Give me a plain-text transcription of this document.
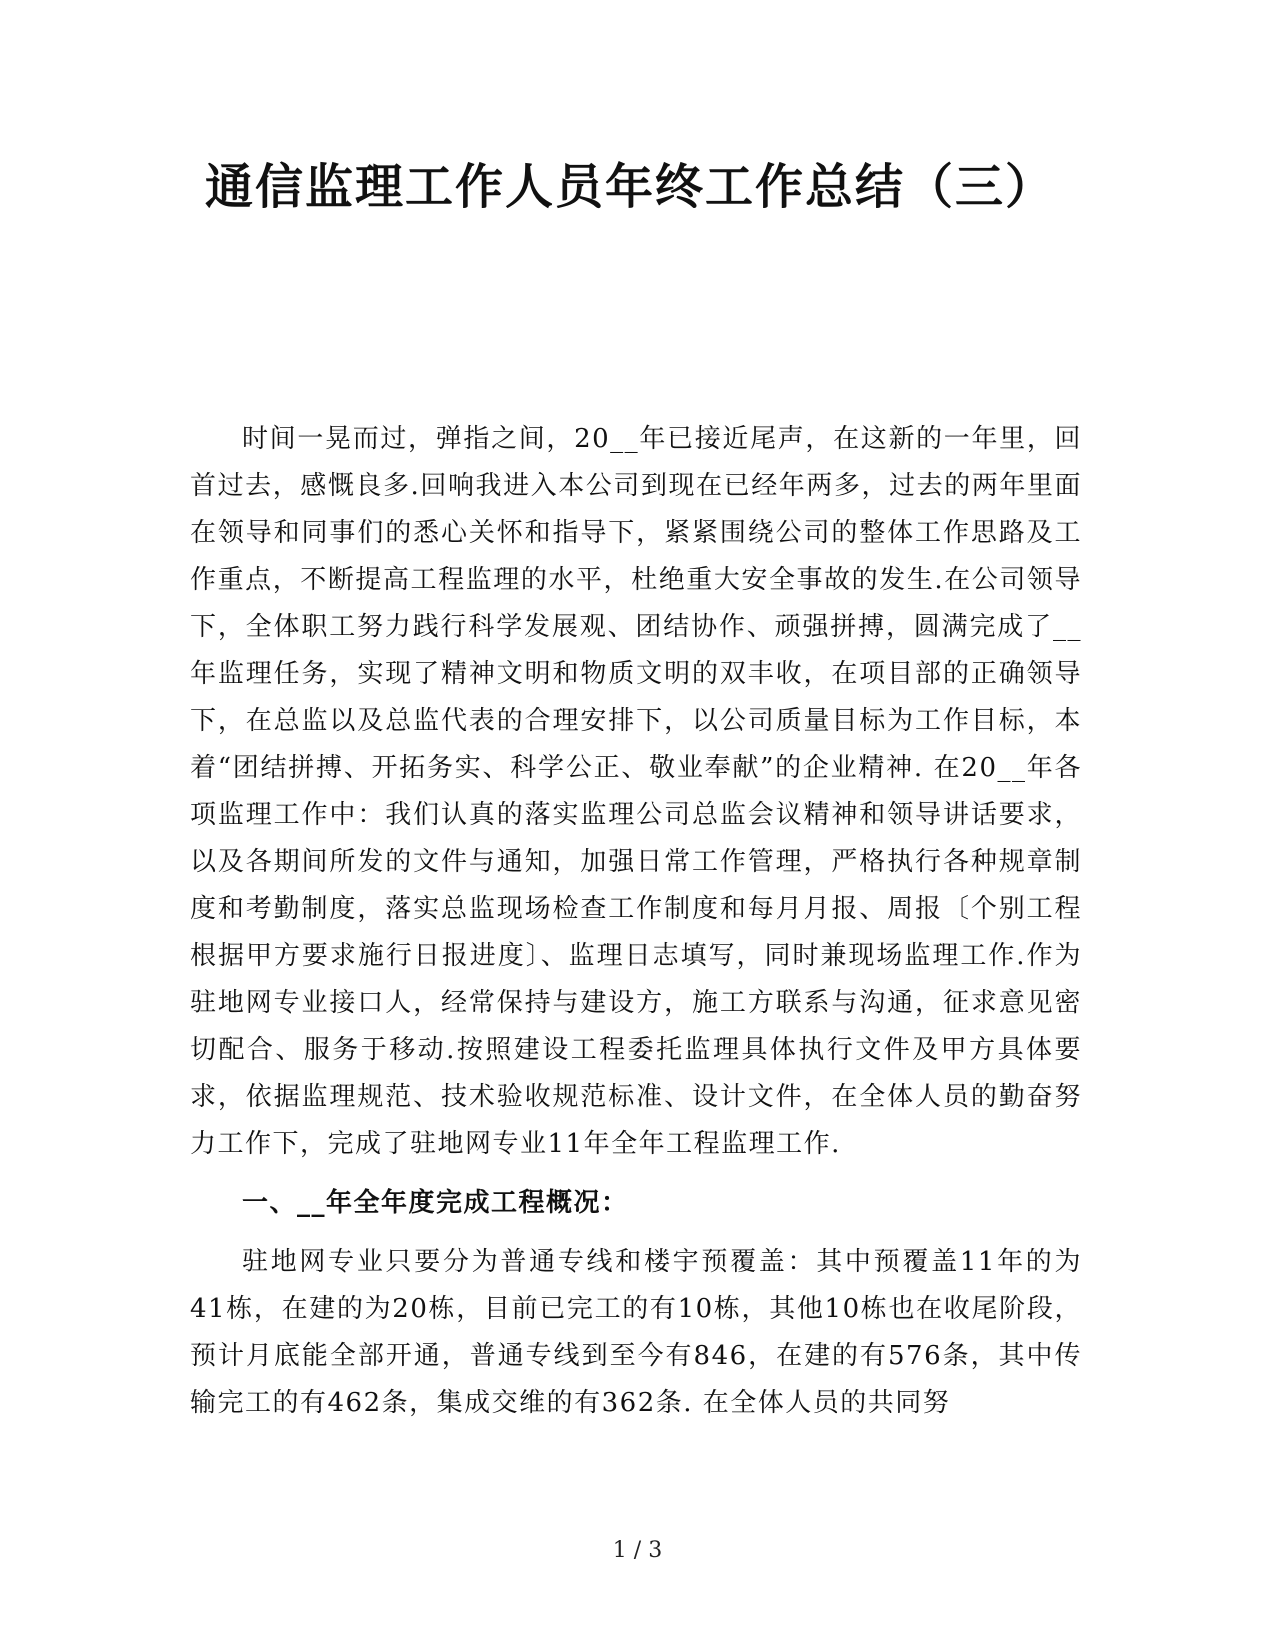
通信监理工作人员年终工作总结（三）

时间一晃而过，弹指之间，20__年已接近尾声，在这新的一年里，回首过去，感慨良多.回响我进入本公司到现在已经年两多，过去的两年里面在领导和同事们的悉心关怀和指导下，紧紧围绕公司的整体工作思路及工作重点，不断提高工程监理的水平，杜绝重大安全事故的发生.在公司领导下，全体职工努力践行科学发展观、团结协作、顽强拼搏，圆满完成了__年监理任务，实现了精神文明和物质文明的双丰收，在项目部的正确领导下，在总监以及总监代表的合理安排下，以公司质量目标为工作目标，本着“团结拼搏、开拓务实、科学公正、敬业奉献”的企业精神. 在20__年各项监理工作中：我们认真的落实监理公司总监会议精神和领导讲话要求，以及各期间所发的文件与通知，加强日常工作管理，严格执行各种规章制度和考勤制度，落实总监现场检查工作制度和每月月报、周报〔个别工程根据甲方要求施行日报进度〕、监理日志填写，同时兼现场监理工作.作为驻地网专业接口人，经常保持与建设方，施工方联系与沟通，征求意见密切配合、服务于移动.按照建设工程委托监理具体执行文件及甲方具体要求，依据监理规范、技术验收规范标准、设计文件，在全体人员的勤奋努力工作下，完成了驻地网专业11年全年工程监理工作.

一、__年全年度完成工程概况：

驻地网专业只要分为普通专线和楼宇预覆盖：其中预覆盖11年的为41栋，在建的为20栋，目前已完工的有10栋，其他10栋也在收尾阶段，预计月底能全部开通，普通专线到至今有846，在建的有576条，其中传输完工的有462条，集成交维的有362条. 在全体人员的共同努

1 / 3
